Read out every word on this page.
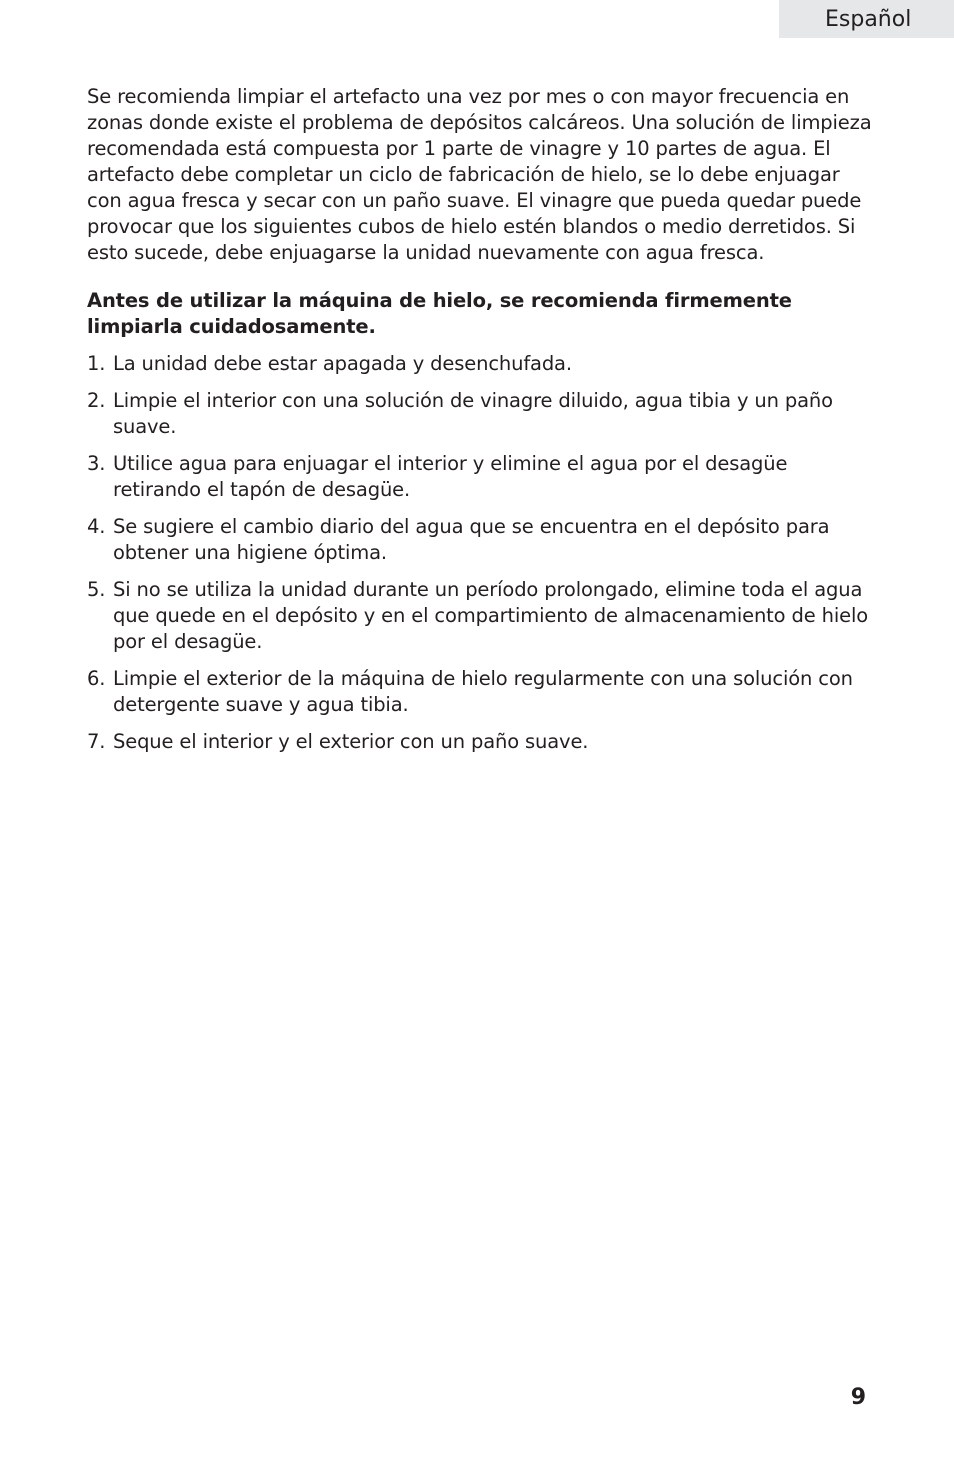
Español

Se recomienda limpiar el artefacto una vez por mes o con mayor frecuencia en zonas donde existe el problema de depósitos calcáreos. Una solución de limpieza recomendada está compuesta por 1 parte de vinagre y 10 partes de agua. El artefacto debe completar un ciclo de fabricación de hielo, se lo debe enjuagar con agua fresca y secar con un paño suave. El vinagre que pueda quedar puede provocar que los siguientes cubos de hielo estén blandos o medio derretidos. Si esto sucede, debe enjuagarse la unidad nuevamente con agua fresca.

Antes de utilizar la máquina de hielo, se recomienda firmemente limpiarla cuidadosamente.

1. La unidad debe estar apagada y desenchufada.
2. Limpie el interior con una solución de vinagre diluido, agua tibia y un paño suave.
3. Utilice agua para enjuagar el interior y elimine el agua por el desagüe retirando el tapón de desagüe.
4. Se sugiere el cambio diario del agua que se encuentra en el depósito para obtener una higiene óptima.
5. Si no se utiliza la unidad durante un período prolongado, elimine toda el agua que quede en el depósito y en el compartimiento de almacenamiento de hielo por el desagüe.
6. Limpie el exterior de la máquina de hielo regularmente con una solución con detergente suave y agua tibia.
7. Seque el interior y el exterior con un paño suave.
9
